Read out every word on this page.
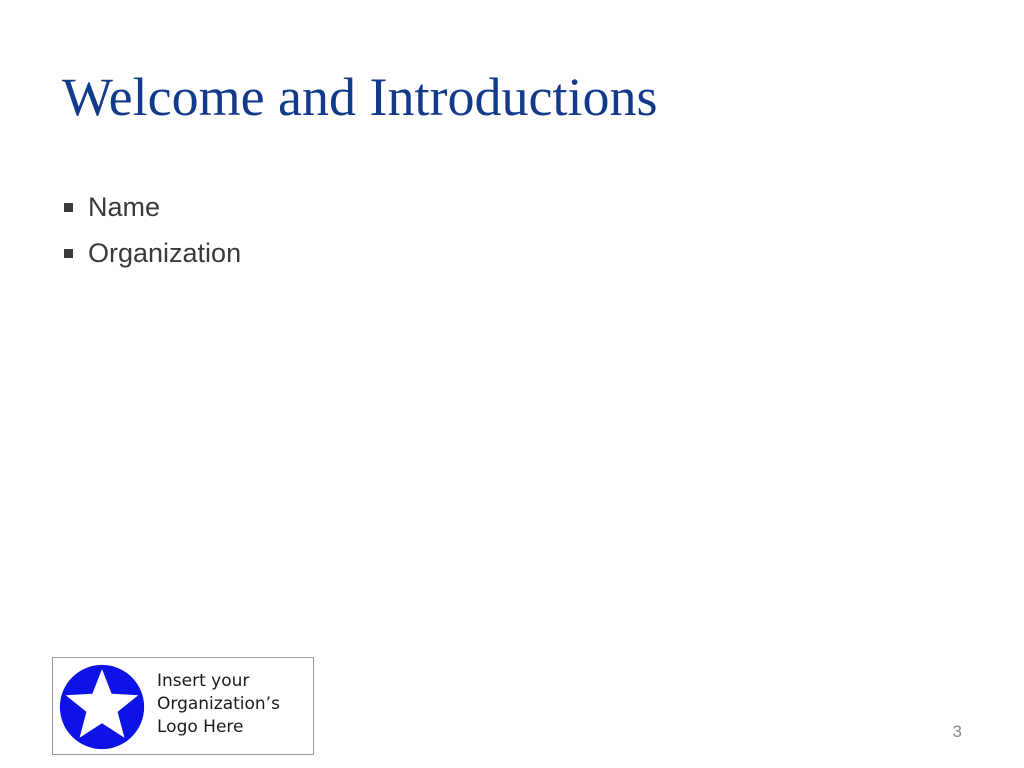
Welcome and Introductions
Name
Organization
Insert your
Organization’s
Logo Here	3
